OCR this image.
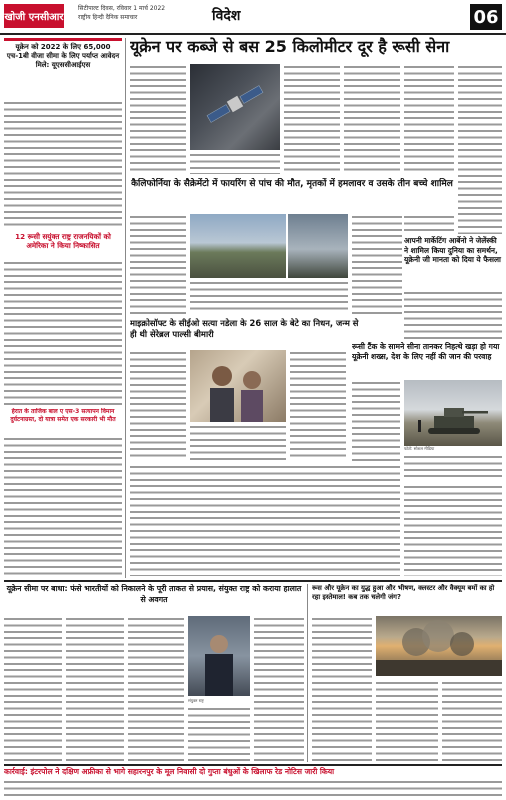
खोजी एनसीआर
सिटीपाल्ट दिवस, रविवार 1 मार्च 2022
राष्ट्रीय हिन्दी दैनिक समाचार	विदेश	06
यूक्रेन को 2022 के लिए 65,000 एच-1बी वीजा सीमा के लिए पर्याप्त आवेदन मिले: यूएससीआईएस
12 रूसी सयुंक्त राष्ट्र राजनयिकों को अमेरिका ने किया निष्कासित
हेरात के ताजिक बाल ए एस-3 सत्यापन विमान दुर्घटनाग्रस्त, दो यात्रा समेत एक सरकारी भी मौत
यूक्रेन पर कब्जे से बस 25 किलोमीटर दूर है रूसी सेना
कैलिफोर्निया के सैक्रेमेंटो में फायरिंग से पांच की मौत, मृतकों में हमलावर व उसके तीन बच्चे शामिल
आपनी मार्केटिंग आर्बेनो ने जेलेंस्की ने शामिल किया दुनिया का समर्थन, यूक्रेनी जी मानता को दिया ये फैसला
माइक्रोसॉफ्ट के सीईओ सत्या नडेला के 26 साल के बेटे का निधन, जन्म से ही थी सेरेब्रल पाल्सी बीमारी
रूसी टैंक के सामने सीना तानकर निहत्थे खड़ा हो गया यूक्रेनी शख्स, देश के लिए नहीं की जान की परवाह
फोटो: सोशल मीडिया
यूक्रेन सीमा पर बाधा: फंसे भारतीयों को निकालने के पूरी ताकत से प्रयास, संयुक्त राष्ट्र को कराया हालात से अवगत
संयुक्त राष्ट्र
रूस और यूक्रेन का युद्ध हुआ और भीषण, क्लस्टर और वैक्यूम बमों का हो रहा इस्तेमाल! कब तक चलेगी जंग?
कार्रवाई: इंटरपोल ने दक्षिण अफ्रीका से भागे सहारनपुर के मूल निवासी दो गुप्ता बंधुओं के खिलाफ रेड नोटिस जारी किया
